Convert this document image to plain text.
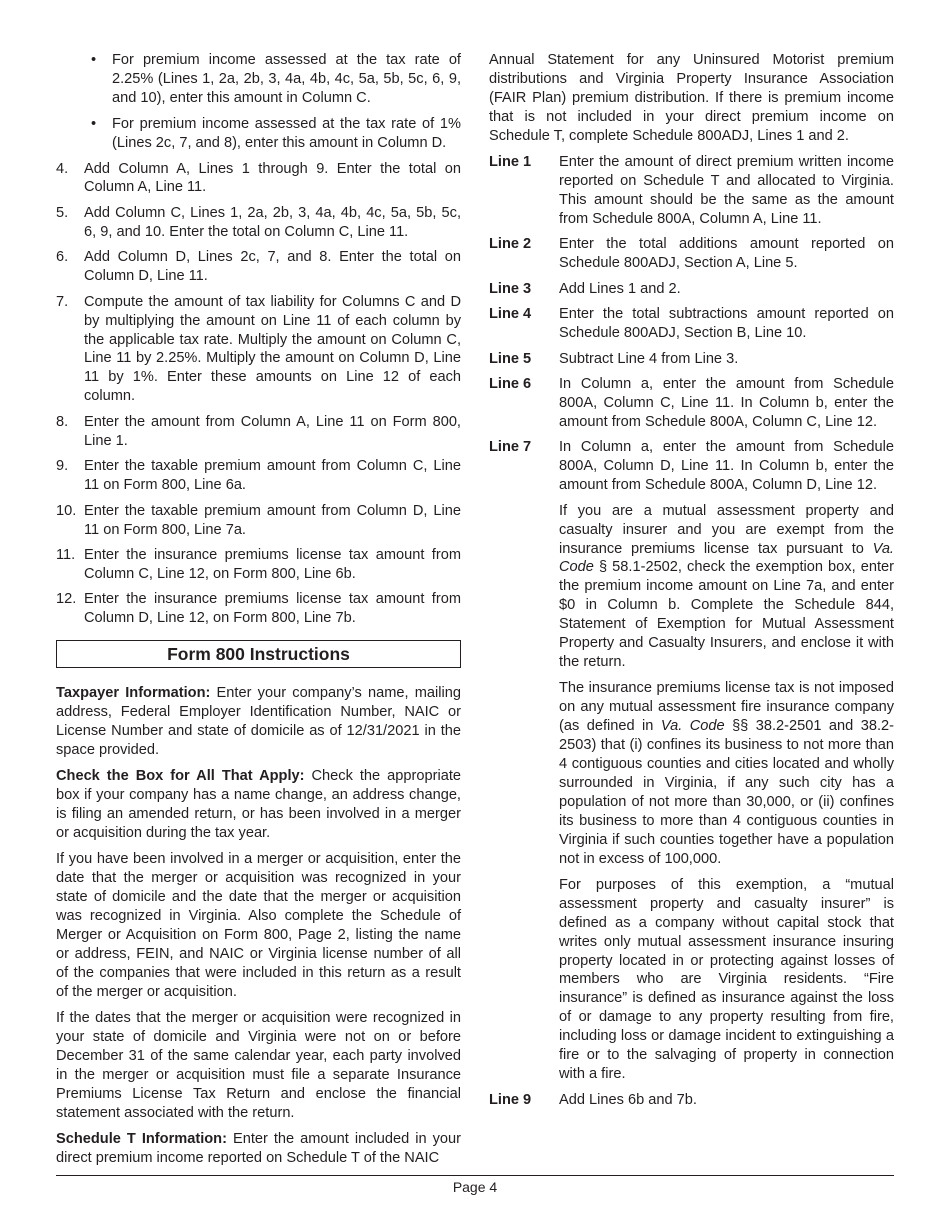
• For premium income assessed at the tax rate of 2.25% (Lines 1, 2a, 2b, 3, 4a, 4b, 4c, 5a, 5b, 5c, 6, 9, and 10), enter this amount in Column C.
• For premium income assessed at the tax rate of 1% (Lines 2c, 7, and 8), enter this amount in Column D.
4. Add Column A, Lines 1 through 9. Enter the total on Column A, Line 11.
5. Add Column C, Lines 1, 2a, 2b, 3, 4a, 4b, 4c, 5a, 5b, 5c, 6, 9, and 10. Enter the total on Column C, Line 11.
6. Add Column D, Lines 2c, 7, and 8. Enter the total on Column D, Line 11.
7. Compute the amount of tax liability for Columns C and D by multiplying the amount on Line 11 of each column by the applicable tax rate. Multiply the amount on Column C, Line 11 by 2.25%. Multiply the amount on Column D, Line 11 by 1%. Enter these amounts on Line 12 of each column.
8. Enter the amount from Column A, Line 11 on Form 800, Line 1.
9. Enter the taxable premium amount from Column C, Line 11 on Form 800, Line 6a.
10. Enter the taxable premium amount from Column D, Line 11 on Form 800, Line 7a.
11. Enter the insurance premiums license tax amount from Column C, Line 12, on Form 800, Line 6b.
12. Enter the insurance premiums license tax amount from Column D, Line 12, on Form 800, Line 7b.
Form 800 Instructions

Taxpayer Information: Enter your company’s name, mailing address, Federal Employer Identification Number, NAIC or License Number and state of domicile as of 12/31/2021 in the space provided.

Check the Box for All That Apply: Check the appropriate box if your company has a name change, an address change, is filing an amended return, or has been involved in a merger or acquisition during the tax year.

If you have been involved in a merger or acquisition, enter the date that the merger or acquisition was recognized in your state of domicile and the date that the merger or acquisition was recognized in Virginia. Also complete the Schedule of Merger or Acquisition on Form 800, Page 2, listing the name or address, FEIN, and NAIC or Virginia license number of all of the companies that were included in this return as a result of the merger or acquisition.

If the dates that the merger or acquisition were recognized in your state of domicile and Virginia were not on or before December 31 of the same calendar year, each party involved in the merger or acquisition must file a separate Insurance Premiums License Tax Return and enclose the financial statement associated with the return.

Schedule T Information: Enter the amount included in your direct premium income reported on Schedule T of the NAIC

Annual Statement for any Uninsured Motorist premium distributions and Virginia Property Insurance Association (FAIR Plan) premium distribution. If there is premium income that is not included in your direct premium income on Schedule T, complete Schedule 800ADJ, Lines 1 and 2.

Line 1 Enter the amount of direct premium written income reported on Schedule T and allocated to Virginia. This amount should be the same as the amount from Schedule 800A, Column A, Line 11.
Line 2 Enter the total additions amount reported on Schedule 800ADJ, Section A, Line 5.
Line 3 Add Lines 1 and 2.
Line 4 Enter the total subtractions amount reported on Schedule 800ADJ, Section B, Line 10.
Line 5 Subtract Line 4 from Line 3.
Line 6 In Column a, enter the amount from Schedule 800A, Column C, Line 11. In Column b, enter the amount from Schedule 800A, Column C, Line 12.
Line 7 In Column a, enter the amount from Schedule 800A, Column D, Line 11. In Column b, enter the amount from Schedule 800A, Column D, Line 12.

If you are a mutual assessment property and casualty insurer and you are exempt from the insurance premiums license tax pursuant to Va. Code § 58.1-2502, check the exemption box, enter the premium income amount on Line 7a, and enter $0 in Column b. Complete the Schedule 844, Statement of Exemption for Mutual Assessment Property and Casualty Insurers, and enclose it with the return.

The insurance premiums license tax is not imposed on any mutual assessment fire insurance company (as defined in Va. Code §§ 38.2-2501 and 38.2-2503) that (i) confines its business to not more than 4 contiguous counties and cities located and wholly surrounded in Virginia, if any such city has a population of not more than 30,000, or (ii) confines its business to more than 4 contiguous counties in Virginia if such counties together have a population not in excess of 100,000.

For purposes of this exemption, a “mutual assessment property and casualty insurer” is defined as a company without capital stock that writes only mutual assessment insurance insuring property located in or protecting against losses of members who are Virginia residents. “Fire insurance” is defined as insurance against the loss of or damage to any property resulting from fire, including loss or damage incident to extinguishing a fire or to the salvaging of property in connection with a fire.

Line 9 Add Lines 6b and 7b.
Page 4
